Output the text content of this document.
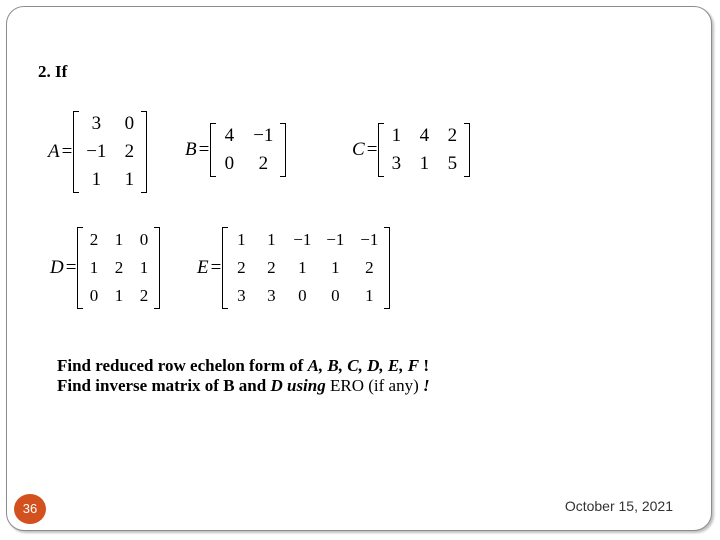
2. If
A =
3	0
−1 2
1	1
B =
4	−1
0	2
C =
1 4 2
3 1 5
D =
2 1 0
1 2 1
0 1 2
E =
1	1	−1 −1 −1
2	2	1	1	2
3	3	0	0	1
Find reduced row echelon form of A, B, C, D, E, F !
Find inverse matrix of B and D using ERO (if any) !
36	October 15, 2021
